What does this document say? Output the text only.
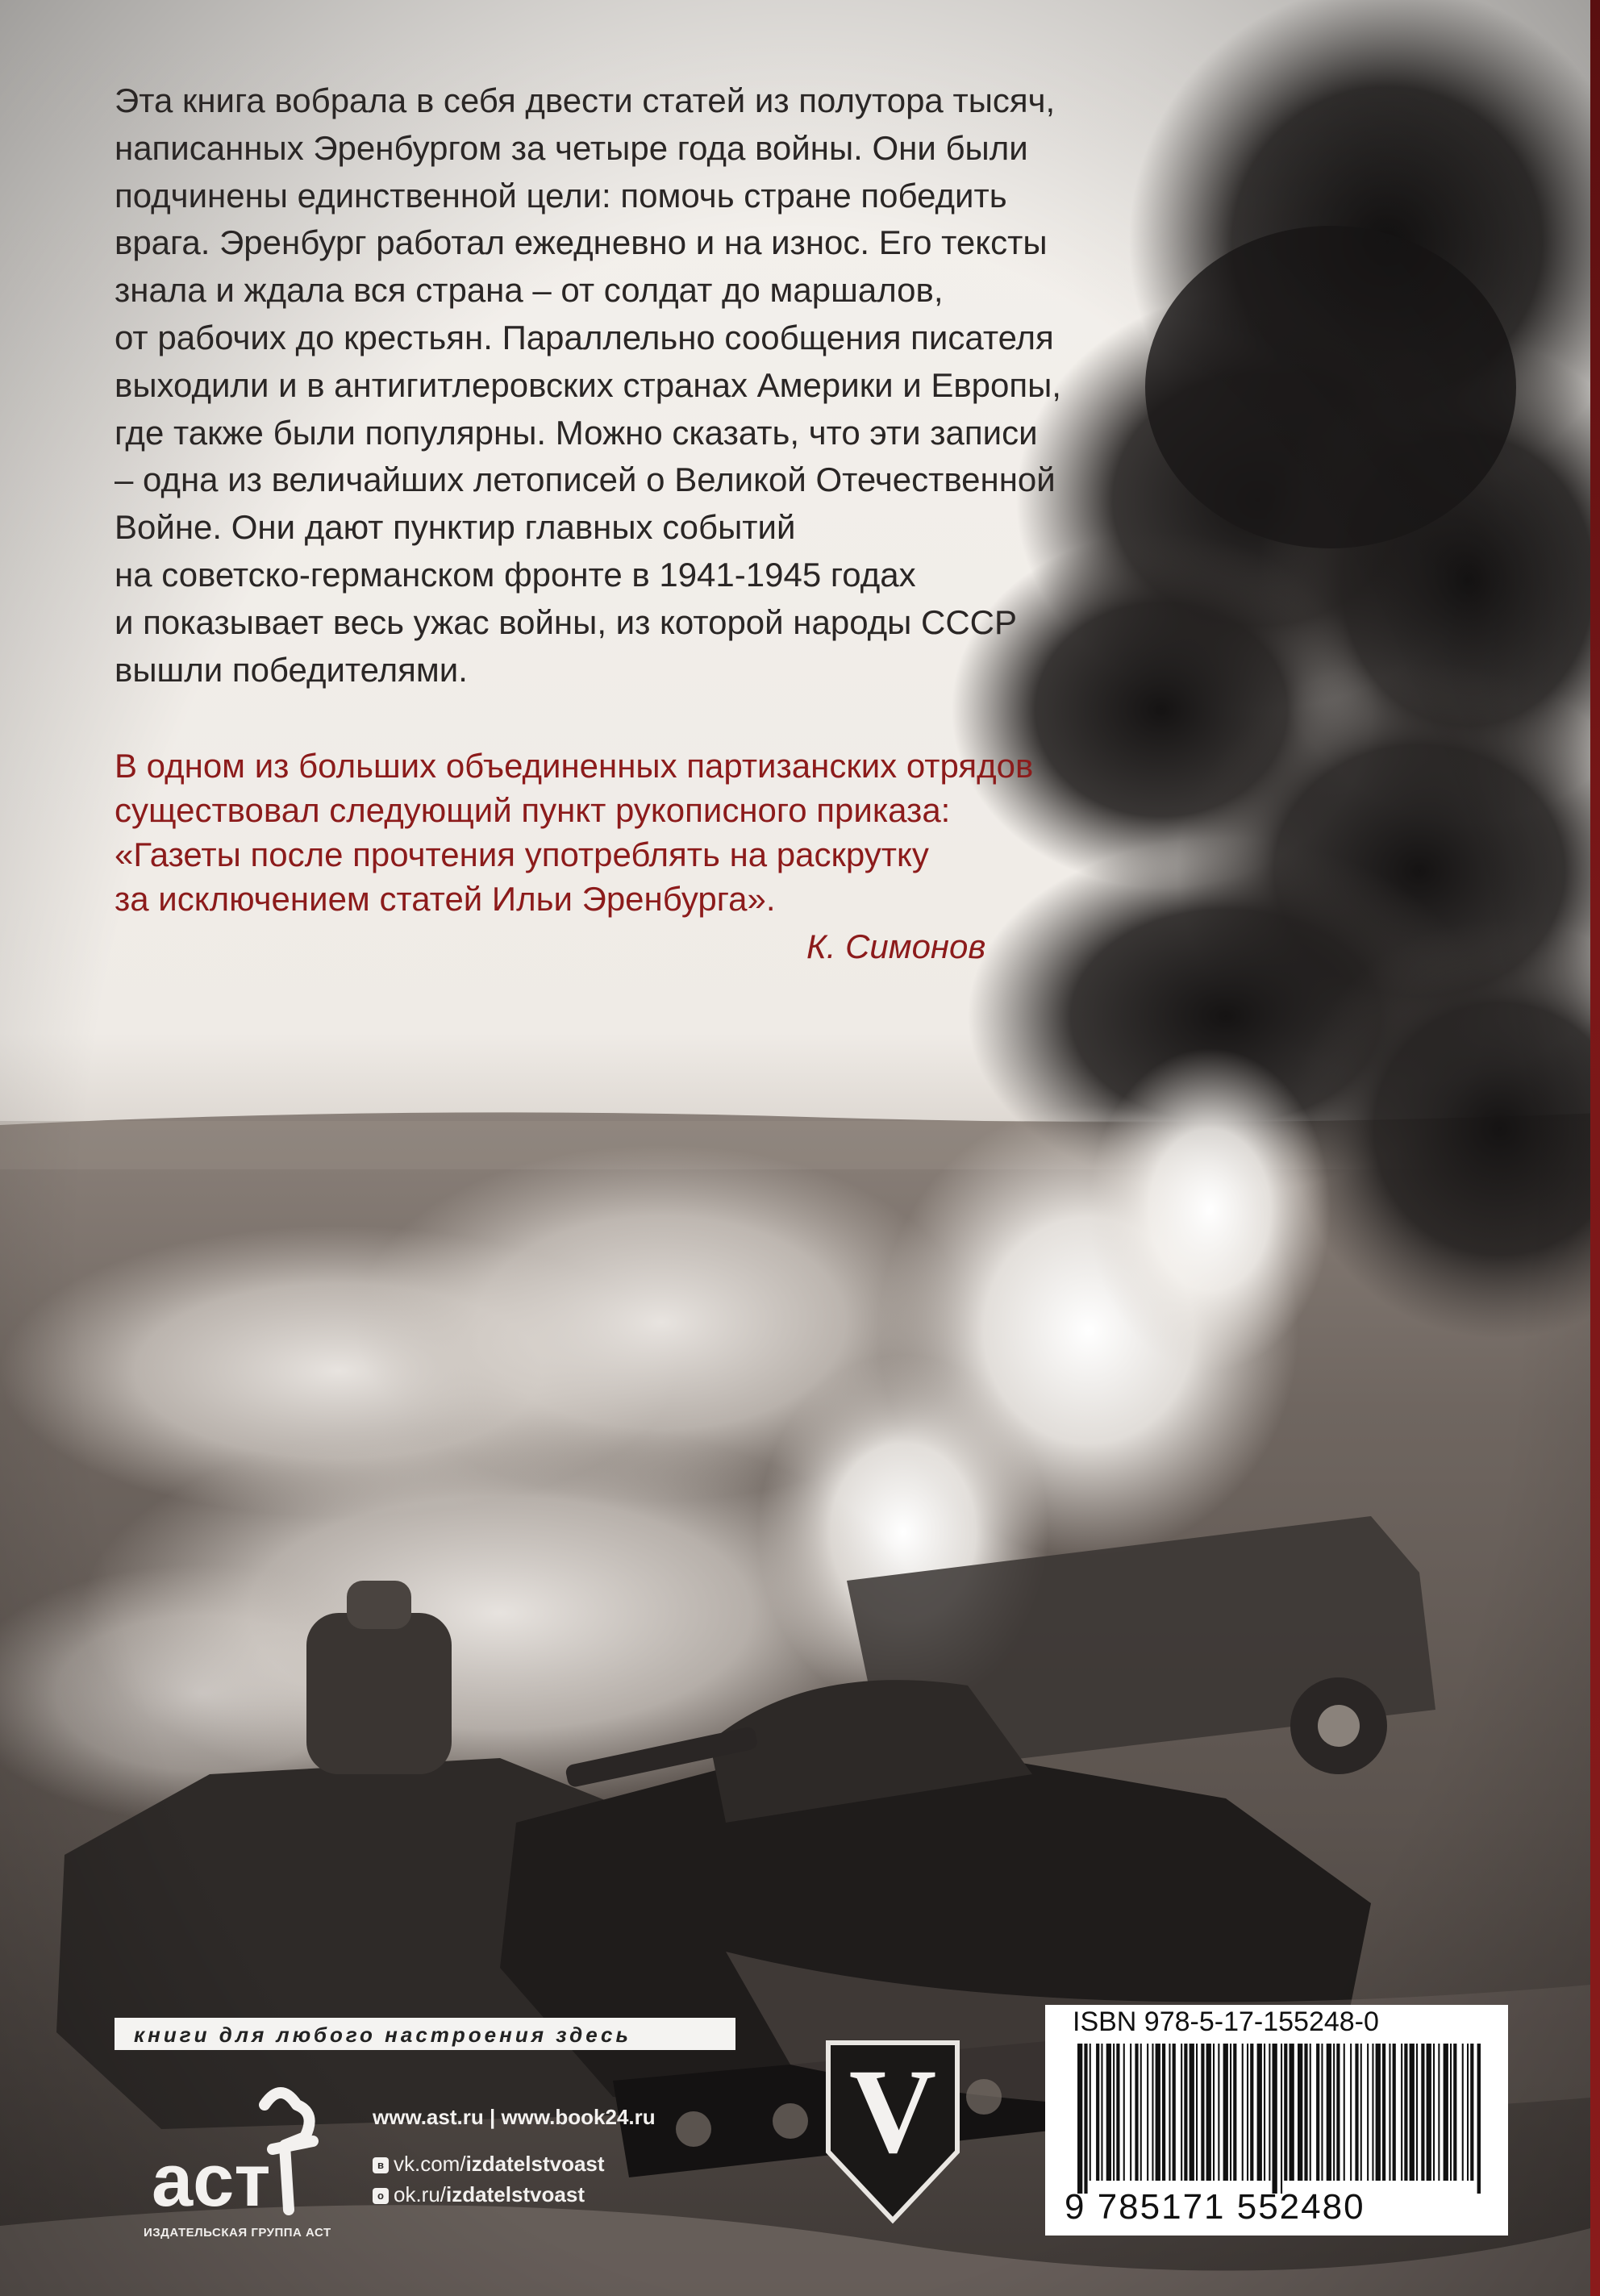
Эта книга вобрала в себя двести статей из полутора тысяч,
написанных Эренбургом за четыре года войны. Они были
подчинены единственной цели: помочь стране победить
врага. Эренбург работал ежедневно и на износ. Его тексты
знала и ждала вся страна – от солдат до маршалов,
от рабочих до крестьян. Параллельно сообщения писателя
выходили и в антигитлеровских странах Америки и Европы,
где также были популярны. Можно сказать, что эти записи
– одна из величайших летописей о Великой Отечественной
Войне. Они дают пунктир главных событий
на советско-германском фронте в 1941-1945 годах
и показывает весь ужас войны, из которой народы СССР
вышли победителями.

В одном из больших объединенных партизанских отрядов
существовал следующий пункт рукописного приказа:
«Газеты после прочтения употреблять на раскрутку
за исключением статей Ильи Эренбурга».

К. Симонов
книги для любого настроения здесь
аст
ИЗДАТЕЛЬСКАЯ ГРУППА АСТ
www.ast.ru | www.book24.ru
в vk.com/izdatelstvoast
о ok.ru/izdatelstvoast
V
ISBN 978-5-17-155248-0
9 785171 552480
